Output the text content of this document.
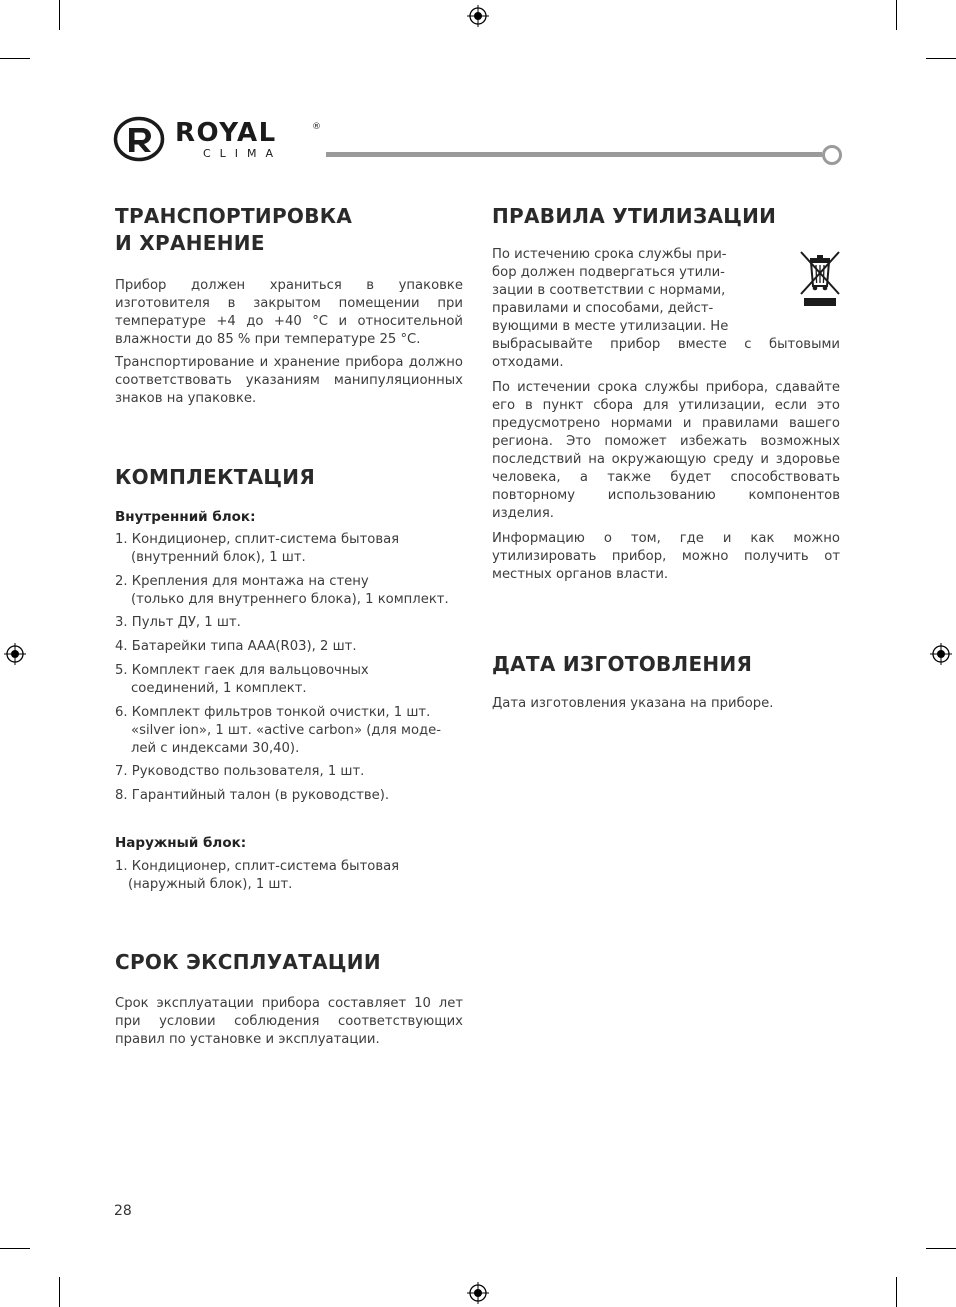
ROYAL	®
CLIMA
ТРАНСПОРТИРОВКА
И ХРАНЕНИЕ

Прибор должен храниться в упаковке изготовителя в закрытом помещении при температуре +4 до +40 °С и относительной влажности до 85 % при температуре 25 °С.

Транспортирование и хранение прибора должно соответствовать указаниям манипуляционных знаков на упаковке.

КОМПЛЕКТАЦИЯ

Внутренний блок:

1. Кондиционер, сплит-система бытовая
(внутренний блок), 1 шт.
2. Крепления для монтажа на стену
(только для внутреннего блока), 1 комплект.
3. Пульт ДУ, 1 шт.
4. Батарейки типа AAA(R03), 2 шт.
5. Комплект гаек для вальцовочных
соединений, 1 комплект.
6. Комплект фильтров тонкой очистки, 1 шт.
«silver ion», 1 шт. «active carbon» (для моде-
лей с индексами 30,40).
7. Руководство пользователя, 1 шт.
8. Гарантийный талон (в руководстве).

Наружный блок:

1. Кондиционер, сплит-система бытовая
(наружный блок), 1 шт.
СРОК ЭКСПЛУАТАЦИИ

Срок эксплуатации прибора составляет 10 лет при условии соблюдения соответствующих правил по установке и эксплуатации.

ПРАВИЛА УТИЛИЗАЦИИ

По истечению срока службы при-

бор должен подвергаться утили-

зации в соответствии с нормами,

правилами и способами, дейст-

вующими в месте утилизации. Не

выбрасывайте прибор вместе с бытовыми отходами.

По истечении срока службы прибора, сдавайте его в пункт сбора для утилизации, если это предусмотрено нормами и правилами вашего региона. Это поможет избежать возможных последствий на окружающую среду и здоровье человека, а также будет способствовать повторному использованию компонентов изделия.

Информацию о том, где и как можно утилизировать прибор, можно получить от местных органов власти.

ДАТА ИЗГОТОВЛЕНИЯ

Дата изготовления указана на приборе.

28
